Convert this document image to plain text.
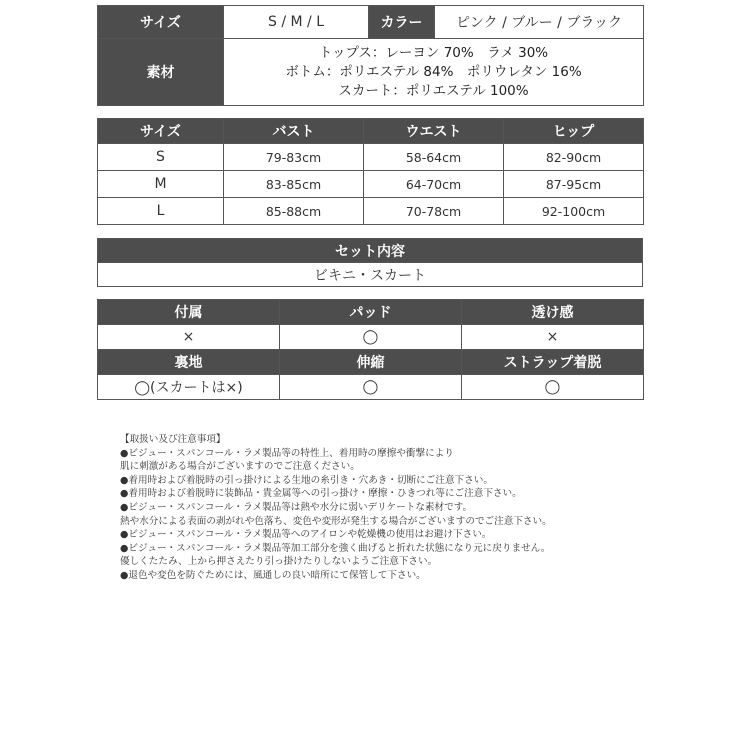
サイズ	S / M / L	カラー	ピンク / ブルー / ブラック
素材	トップス：レーヨン 70%　ラメ 30%
ボトム：ポリエステル 84%　ポリウレタン 16%
スカート：ポリエステル 100%		
サイズ	バスト	ウエスト	ヒップ
S	79-83cm	58-64cm	82-90cm
M	83-85cm	64-70cm	87-95cm
L	85-88cm	70-78cm	92-100cm
セット内容
ビキニ・スカート
付属	パッド	透け感
×	◯	×
裏地	伸縮	ストラップ着脱
◯(スカートは×)	◯	◯
【取扱い及び注意事項】
●ビジュー・スパンコール・ラメ製品等の特性上、着用時の摩擦や衝撃により
肌に刺激がある場合がございますのでご注意ください。
●着用時および着脱時の引っ掛けによる生地の糸引き・穴あき・切断にご注意下さい。
●着用時および着脱時に装飾品・貴金属等への引っ掛け・摩擦・ひきつれ等にご注意下さい。
●ビジュー・スパンコール・ラメ製品等は熱や水分に弱いデリケートな素材です。
熱や水分による表面の剥がれや色落ち、変色や変形が発生する場合がございますのでご注意下さい。
●ビジュー・スパンコール・ラメ製品等へのアイロンや乾燥機の使用はお避け下さい。
●ビジュー・スパンコール・ラメ製品等加工部分を強く曲げると折れた状態になり元に戻りません。
優しくたたみ、上から押さえたり引っ掛けたりしないようご注意下さい。
●退色や変色を防ぐためには、風通しの良い暗所にて保管して下さい。
